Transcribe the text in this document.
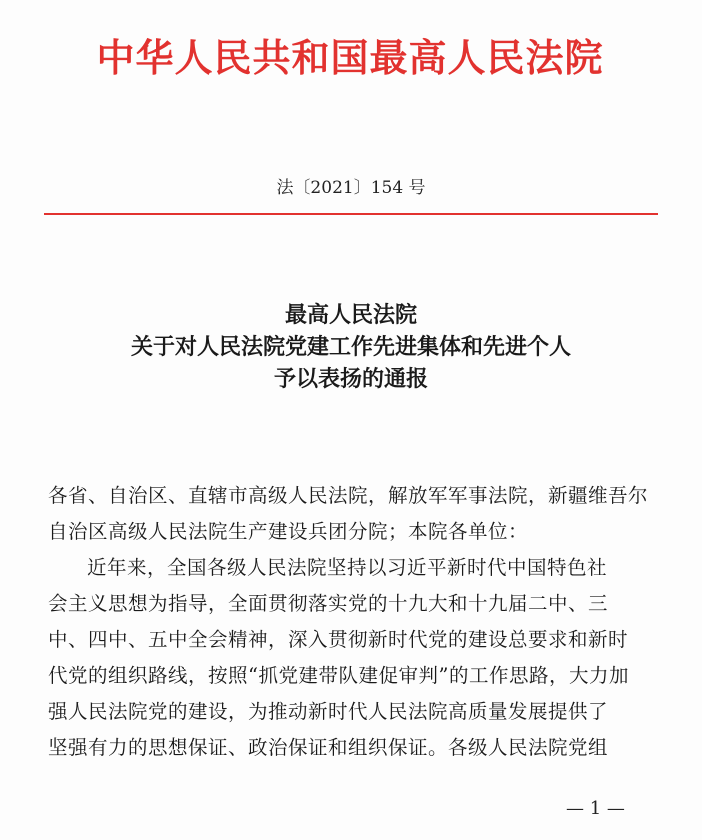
中华人民共和国最高人民法院
法〔2021〕154 号
最高人民法院
关于对人民法院党建工作先进集体和先进个人
予以表扬的通报
各省、自治区、直辖市高级人民法院，解放军军事法院，新疆维吾尔
自治区高级人民法院生产建设兵团分院；本院各单位：
近年来，全国各级人民法院坚持以习近平新时代中国特色社
会主义思想为指导，全面贯彻落实党的十九大和十九届二中、三
中、四中、五中全会精神，深入贯彻新时代党的建设总要求和新时
代党的组织路线，按照“抓党建带队建促审判”的工作思路，大力加
强人民法院党的建设，为推动新时代人民法院高质量发展提供了
坚强有力的思想保证、政治保证和组织保证。各级人民法院党组
— 1 —
